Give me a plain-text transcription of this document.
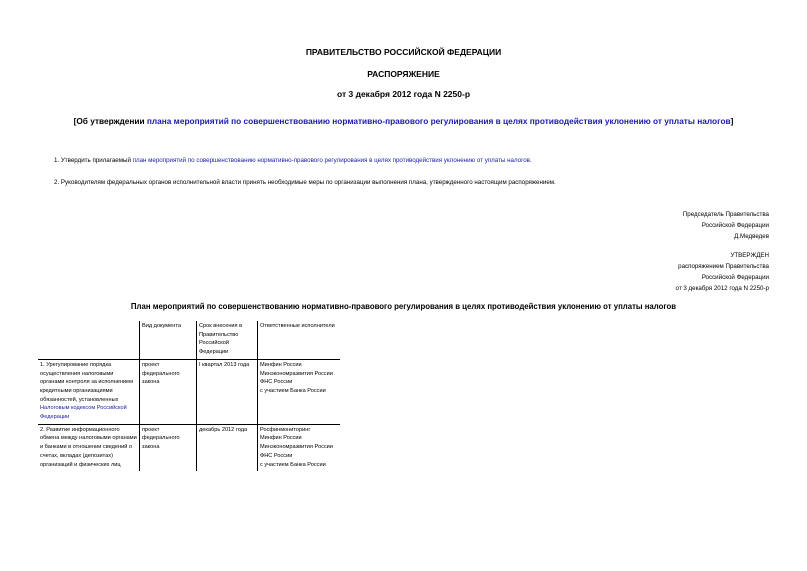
ПРАВИТЕЛЬСТВО РОССИЙСКОЙ ФЕДЕРАЦИИ
РАСПОРЯЖЕНИЕ
от 3 декабря 2012 года N 2250-р
[Об утверждении плана мероприятий по совершенствованию нормативно-правового регулирования в целях противодействия уклонению от уплаты налогов]
1. Утвердить прилагаемый план мероприятий по совершенствованию нормативно-правового регулирования в целях противодействия уклонению от уплаты налогов.
2. Руководителям федеральных органов исполнительной власти принять необходимые меры по организации выполнения плана, утвержденного настоящим распоряжением.
Председатель Правительства
Российской Федерации
Д.Медведев
УТВЕРЖДЕН
распоряжением Правительства
Российской Федерации
от 3 декабря 2012 года N 2250-р
План мероприятий по совершенствованию нормативно-правового регулирования в целях противодействия уклонению от уплаты налогов
	Вид документа	Срок внесения в Правительство Российской Федерации	Ответственные исполнители
1. Урегулирование порядка осуществления налоговыми органами контроля за исполнением кредитными организациями обязанностей, установленных Налоговым кодексом Российской Федерации	проект федерального закона	I квартал 2013 года	Минфин России
Минэкономразвития России
ФНС России
с участием Банка России

2. Развитие информационного обмена между налоговыми органами и банками в отношении сведений о счетах, вкладах (депозитах) организаций и физических лиц	проект федерального закона	декабрь 2012 года	Росфинмониторинг
Минфин России
Минэкономразвития России
ФНС России
с участием Банка России
